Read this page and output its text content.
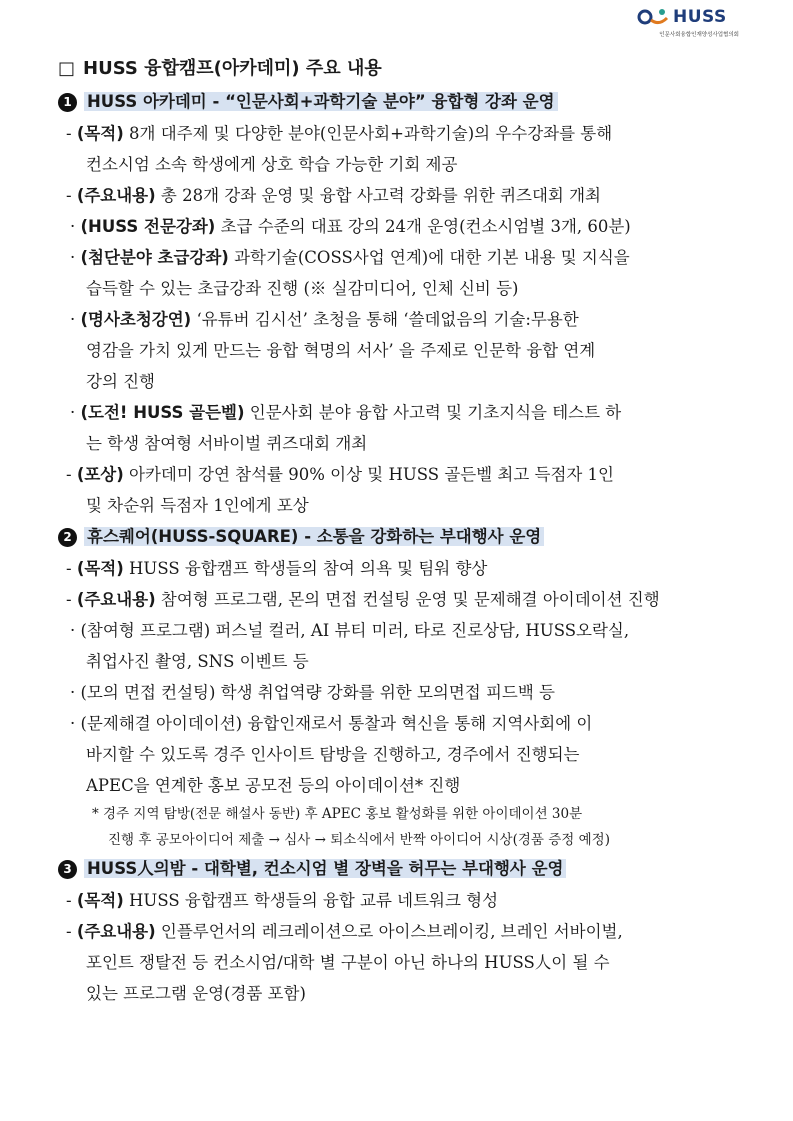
HUSS
인문사회융합인재양성사업협의회
□ HUSS 융합캠프(아카데미) 주요 내용
1 HUSS 아카데미 - “인문사회+과학기술 분야” 융합형 강좌 운영
- (목적) 8개 대주제 및 다양한 분야(인문사회+과학기술)의 우수강좌를 통해
컨소시엄 소속 학생에게 상호 학습 가능한 기회 제공
- (주요내용) 총 28개 강좌 운영 및 융합 사고력 강화를 위한 퀴즈대회 개최
· (HUSS 전문강좌) 초급 수준의 대표 강의 24개 운영(컨소시엄별 3개, 60분)
· (첨단분야 초급강좌) 과학기술(COSS사업 연계)에 대한 기본 내용 및 지식을
습득할 수 있는 초급강좌 진행 (※ 실감미디어, 인체 신비 등)
· (명사초청강연) ‘유튜버 김시선’ 초청을 통해 ‘쓸데없음의 기술:무용한
영감을 가치 있게 만드는 융합 혁명의 서사’ 을 주제로 인문학 융합 연계
강의 진행
· (도전! HUSS 골든벨) 인문사회 분야 융합 사고력 및 기초지식을 테스트 하
는 학생 참여형 서바이벌 퀴즈대회 개최
- (포상) 아카데미 강연 참석률 90% 이상 및 HUSS 골든벨 최고 득점자 1인
및 차순위 득점자 1인에게 포상
2 휴스퀘어(HUSS-SQUARE) - 소통을 강화하는 부대행사 운영
- (목적) HUSS 융합캠프 학생들의 참여 의욕 및 팀워 향상
- (주요내용) 참여형 프로그램, 몬의 면접 컨설팅 운영 및 문제해결 아이데이션 진행
· (참여형 프로그램) 퍼스널 컬러, AI 뷰티 미러, 타로 진로상담, HUSS오락실,
취업사진 촬영, SNS 이벤트 등
· (모의 면접 컨설팅) 학생 취업역량 강화를 위한 모의면접 피드백 등
· (문제해결 아이데이션) 융합인재로서 통찰과 혁신을 통해 지역사회에 이
바지할 수 있도록 경주 인사이트 탐방을 진행하고, 경주에서 진행되는
APEC을 연계한 홍보 공모전 등의 아이데이션* 진행
* 경주 지역 탐방(전문 해설사 동반) 후 APEC 홍보 활성화를 위한 아이데이션 30분
진행 후 공모아이디어 제출 → 심사 → 퇴소식에서 반짝 아이디어 시상(경품 증정 예정)
3 HUSS人의밤 - 대학별, 컨소시엄 별 장벽을 허무는 부대행사 운영
- (목적) HUSS 융합캠프 학생들의 융합 교류 네트워크 형성
- (주요내용) 인플루언서의 레크레이션으로 아이스브레이킹, 브레인 서바이벌,
포인트 쟁탈전 등 컨소시엄/대학 별 구분이 아닌 하나의 HUSS人이 될 수
있는 프로그램 운영(경품 포함)
